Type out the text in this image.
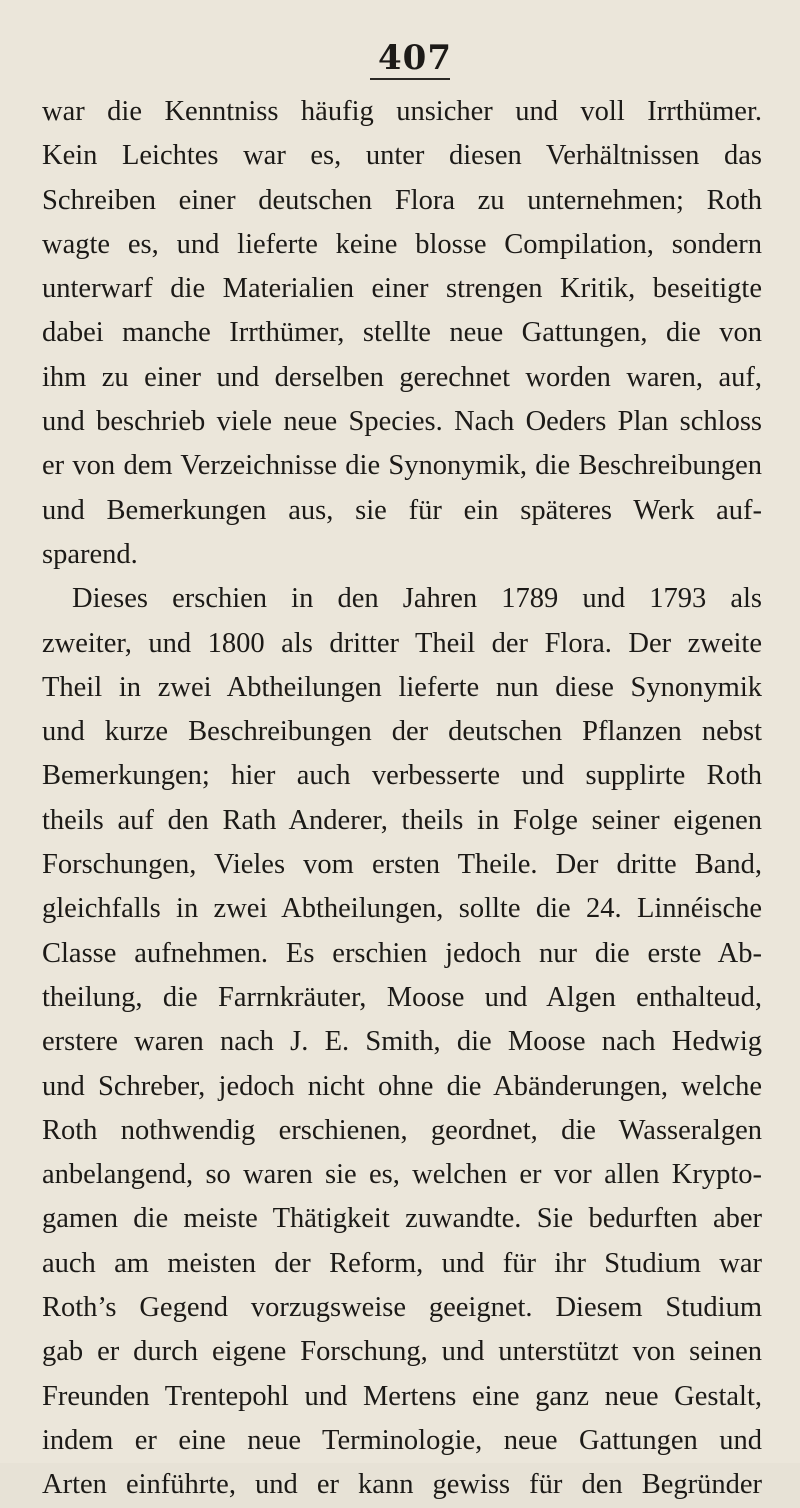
407
war die Kenntniss häufig unsicher und voll Irrthümer.
Kein Leichtes war es, unter diesen Verhältnissen das
Schreiben einer deutschen Flora zu unternehmen; Roth
wagte es, und lieferte keine blosse Compilation, sondern
unterwarf die Materialien einer strengen Kritik, beseitigte
dabei manche Irrthümer, stellte neue Gattungen, die von
ihm zu einer und derselben gerechnet worden waren, auf,
und beschrieb viele neue Species. Nach Oeders Plan schloss
er von dem Verzeichnisse die Synonymik, die Beschreibungen
und Bemerkungen aus, sie für ein späteres Werk auf-
sparend.
Dieses erschien in den Jahren 1789 und 1793 als
zweiter, und 1800 als dritter Theil der Flora. Der zweite
Theil in zwei Abtheilungen lieferte nun diese Synonymik
und kurze Beschreibungen der deutschen Pflanzen nebst
Bemerkungen; hier auch verbesserte und supplirte Roth
theils auf den Rath Anderer, theils in Folge seiner eigenen
Forschungen, Vieles vom ersten Theile. Der dritte Band,
gleichfalls in zwei Abtheilungen, sollte die 24. Linnéische
Classe aufnehmen. Es erschien jedoch nur die erste Ab-
theilung, die Farrnkräuter, Moose und Algen enthalteud,
erstere waren nach J. E. Smith, die Moose nach Hedwig
und Schreber, jedoch nicht ohne die Abänderungen, welche
Roth nothwendig erschienen, geordnet, die Wasseralgen
anbelangend, so waren sie es, welchen er vor allen Krypto-
gamen die meiste Thätigkeit zuwandte. Sie bedurften aber
auch am meisten der Reform, und für ihr Studium war
Roth’s Gegend vorzugsweise geeignet. Diesem Studium
gab er durch eigene Forschung, und unterstützt von seinen
Freunden Trentepohl und Mertens eine ganz neue Gestalt,
indem er eine neue Terminologie, neue Gattungen und
Arten einführte, und er kann gewiss für den Begründer
